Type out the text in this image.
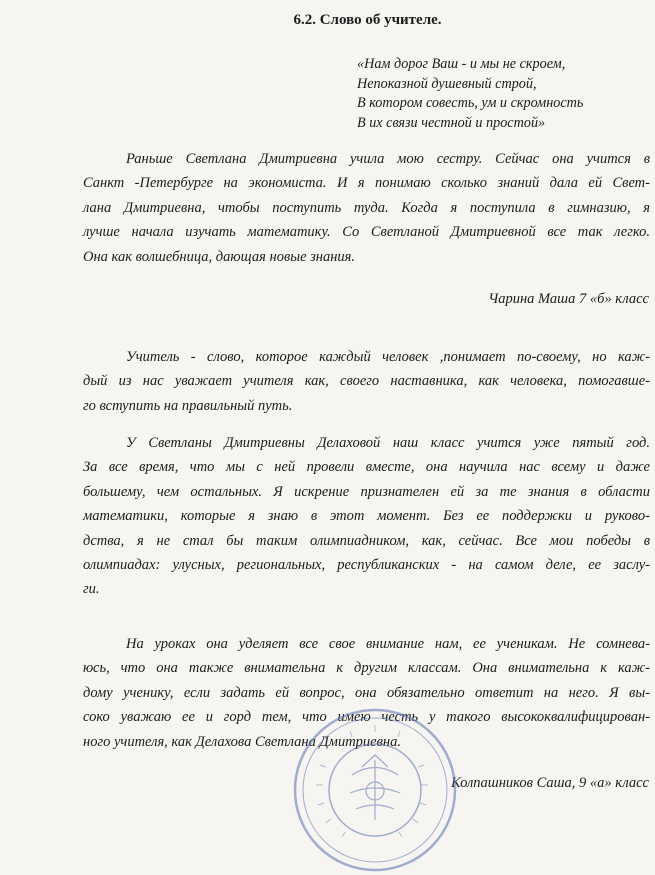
6.2. Слово об учителе.
«Нам дорог Ваш - и мы не скроем,
Непоказной душевный строй,
В котором совесть, ум и скромность
В их связи честной и простой»
Раньше Светлана Дмитриевна учила мою сестру. Сейчас она учится в
Санкт -Петербурге на экономиста. И я понимаю сколько знаний дала ей Свет-
лана Дмитриевна, чтобы поступить туда. Когда я поступила в гимназию, я
лучше начала изучать математику. Со Светланой Дмитриевной все так легко.
Она как волшебница, дающая новые знания.
Чарина Маша 7 «б» класс
Учитель - слово, которое каждый человек ,понимает по-своему, но каж-
дый из нас уважает учителя как, своего наставника, как человека, помогавше-
го вступить на правильный путь.
У Светланы Дмитриевны Делаховой наш класс учится уже пятый год.
За все время, что мы с ней провели вместе, она научила нас всему и даже
большему, чем остальных. Я искрение признателен ей за те знания в области
математики, которые я знаю в этот момент. Без ее поддержки и руково-
дства, я не стал бы таким олимпиадником, как, сейчас. Все мои победы в
олимпиадах: улусных, региональных, республиканских - на самом деле, ее заслу-
ги.
На уроках она уделяет все свое внимание нам, ее ученикам. Не сомнева-
юсь, что она также внимательна к другим классам. Она внимательна к каж-
дому ученику, если задать ей вопрос, она обязательно ответит на него. Я вы-
соко уважаю ее и горд тем, что имею честь у такого высококвалифицирован-
ного учителя, как Делахова Светлана Дмитриевна.
Колпашников Саша, 9 «а» класс
